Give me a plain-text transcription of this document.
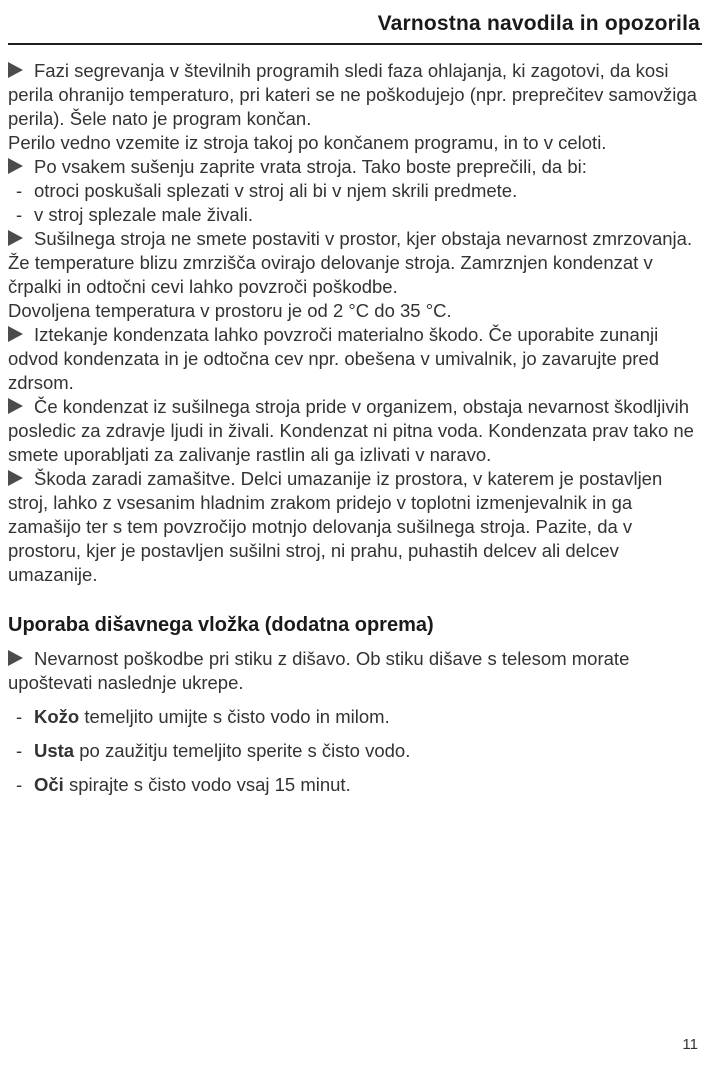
Varnostna navodila in opozorila

Fazi segrevanja v številnih programih sledi faza ohlajanja, ki zagotovi, da kosi perila ohranijo temperaturo, pri kateri se ne poškodujejo (npr. preprečitev samovžiga perila). Šele nato je program končan.

Perilo vedno vzemite iz stroja takoj po končanem programu, in to v celoti.

Po vsakem sušenju zaprite vrata stroja. Tako boste preprečili, da bi:

- otroci poskušali splezati v stroj ali bi v njem skrili predmete.

- v stroj splezale male živali.

Sušilnega stroja ne smete postaviti v prostor, kjer obstaja nevarnost zmrzovanja. Že temperature blizu zmrzišča ovirajo delovanje stroja. Zamrznjen kondenzat v črpalki in odtočni cevi lahko povzroči poškodbe.

Dovoljena temperatura v prostoru je od 2 °C do 35 °C.

Iztekanje kondenzata lahko povzroči materialno škodo. Če uporabite zunanji odvod kondenzata in je odtočna cev npr. obešena v umivalnik, jo zavarujte pred zdrsom.

Če kondenzat iz sušilnega stroja pride v organizem, obstaja nevarnost škodljivih posledic za zdravje ljudi in živali. Kondenzat ni pitna voda. Kondenzata prav tako ne smete uporabljati za zalivanje rastlin ali ga izlivati v naravo.

Škoda zaradi zamašitve. Delci umazanije iz prostora, v katerem je postavljen stroj, lahko z vsesanim hladnim zrakom pridejo v toplotni izmenjevalnik in ga zamašijo ter s tem povzročijo motnjo delovanja sušilnega stroja. Pazite, da v prostoru, kjer je postavljen sušilni stroj, ni prahu, puhastih delcev ali delcev umazanije.

Uporaba dišavnega vložka (dodatna oprema)

Nevarnost poškodbe pri stiku z dišavo. Ob stiku dišave s telesom morate upoštevati naslednje ukrepe.

- Kožo temeljito umijte s čisto vodo in milom.

- Usta po zaužitju temeljito sperite s čisto vodo.

- Oči spirajte s čisto vodo vsaj 15 minut.

11
